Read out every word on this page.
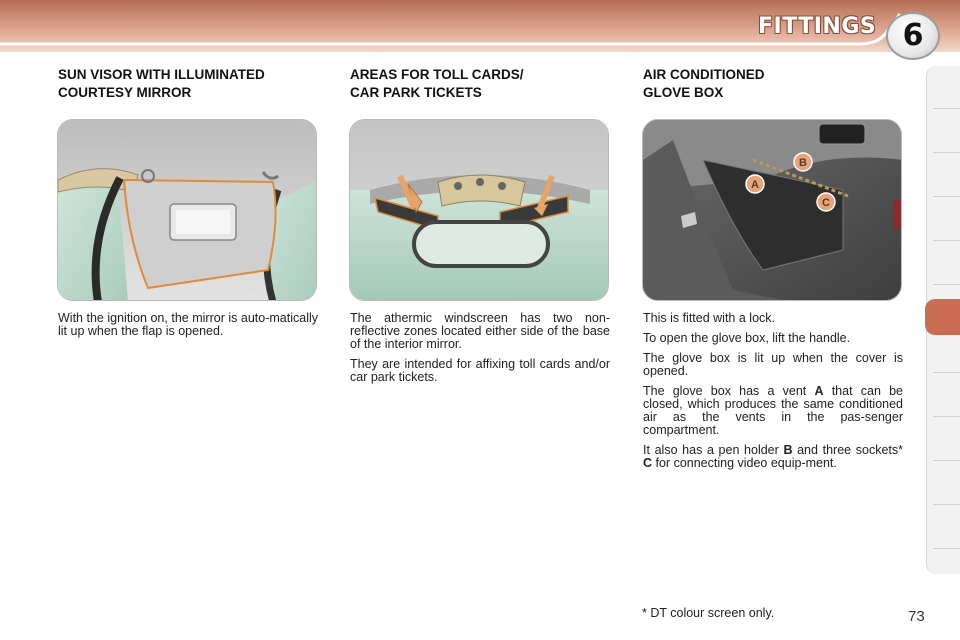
FITTINGS 6
SUN VISOR WITH ILLUMINATED
COURTESY MIRROR

With the ignition on, the mirror is auto-matically lit up when the flap is opened.

AREAS FOR TOLL CARDS/
CAR PARK TICKETS

The athermic windscreen has two non-reflective zones located either side of the base of the interior mirror.

They are intended for affixing toll cards and/or car park tickets.

AIR CONDITIONED
GLOVE BOX
A
B
C

This is fitted with a lock.

To open the glove box, lift the handle.

The glove box is lit up when the cover is opened.

The glove box has a vent A that can be closed, which produces the same conditioned air as the vents in the pas-senger compartment.

It also has a pen holder B and three sockets* C for connecting video equip-ment.

* DT colour screen only.	73
